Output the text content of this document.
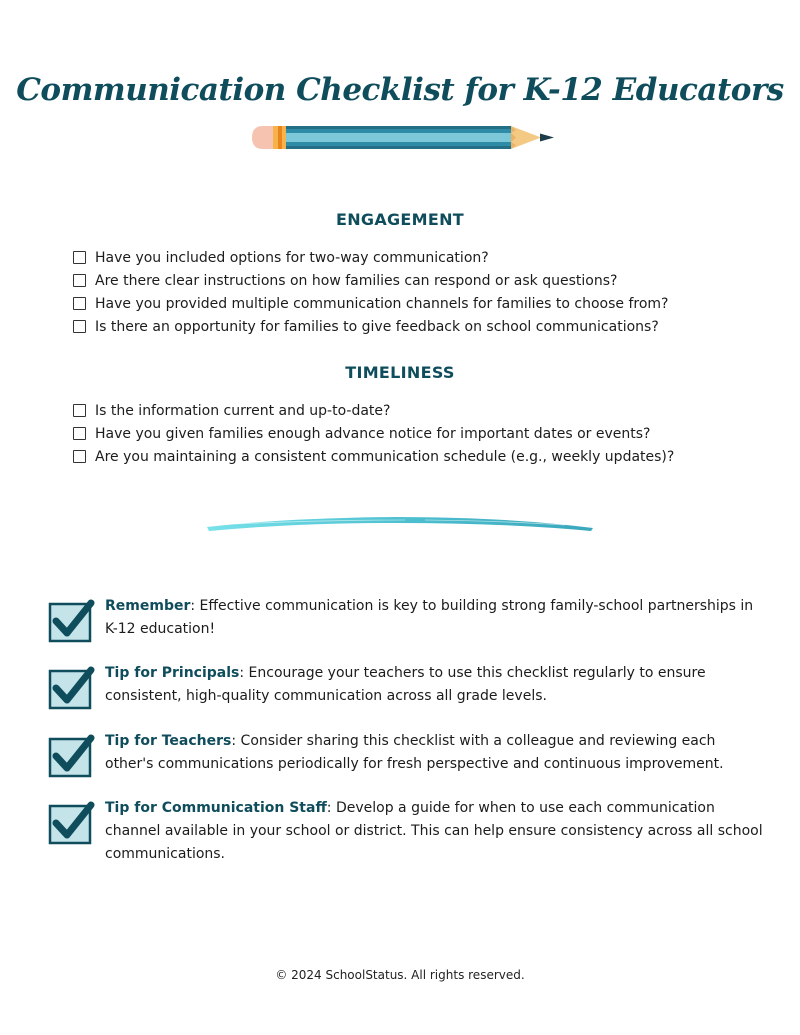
Communication Checklist for K-12 Educators
ENGAGEMENT
Have you included options for two-way communication?
Are there clear instructions on how families can respond or ask questions?
Have you provided multiple communication channels for families to choose from?
Is there an opportunity for families to give feedback on school communications?
TIMELINESS
Is the information current and up-to-date?
Have you given families enough advance notice for important dates or events?
Are you maintaining a consistent communication schedule (e.g., weekly updates)?
Remember: Effective communication is key to building strong family-school partnerships in K-12 education!
Tip for Principals: Encourage your teachers to use this checklist regularly to ensure consistent, high-quality communication across all grade levels.
Tip for Teachers: Consider sharing this checklist with a colleague and reviewing each other's communications periodically for fresh perspective and continuous improvement.
Tip for Communication Staff: Develop a guide for when to use each communication channel available in your school or district. This can help ensure consistency across all school communications.
© 2024 SchoolStatus. All rights reserved.
